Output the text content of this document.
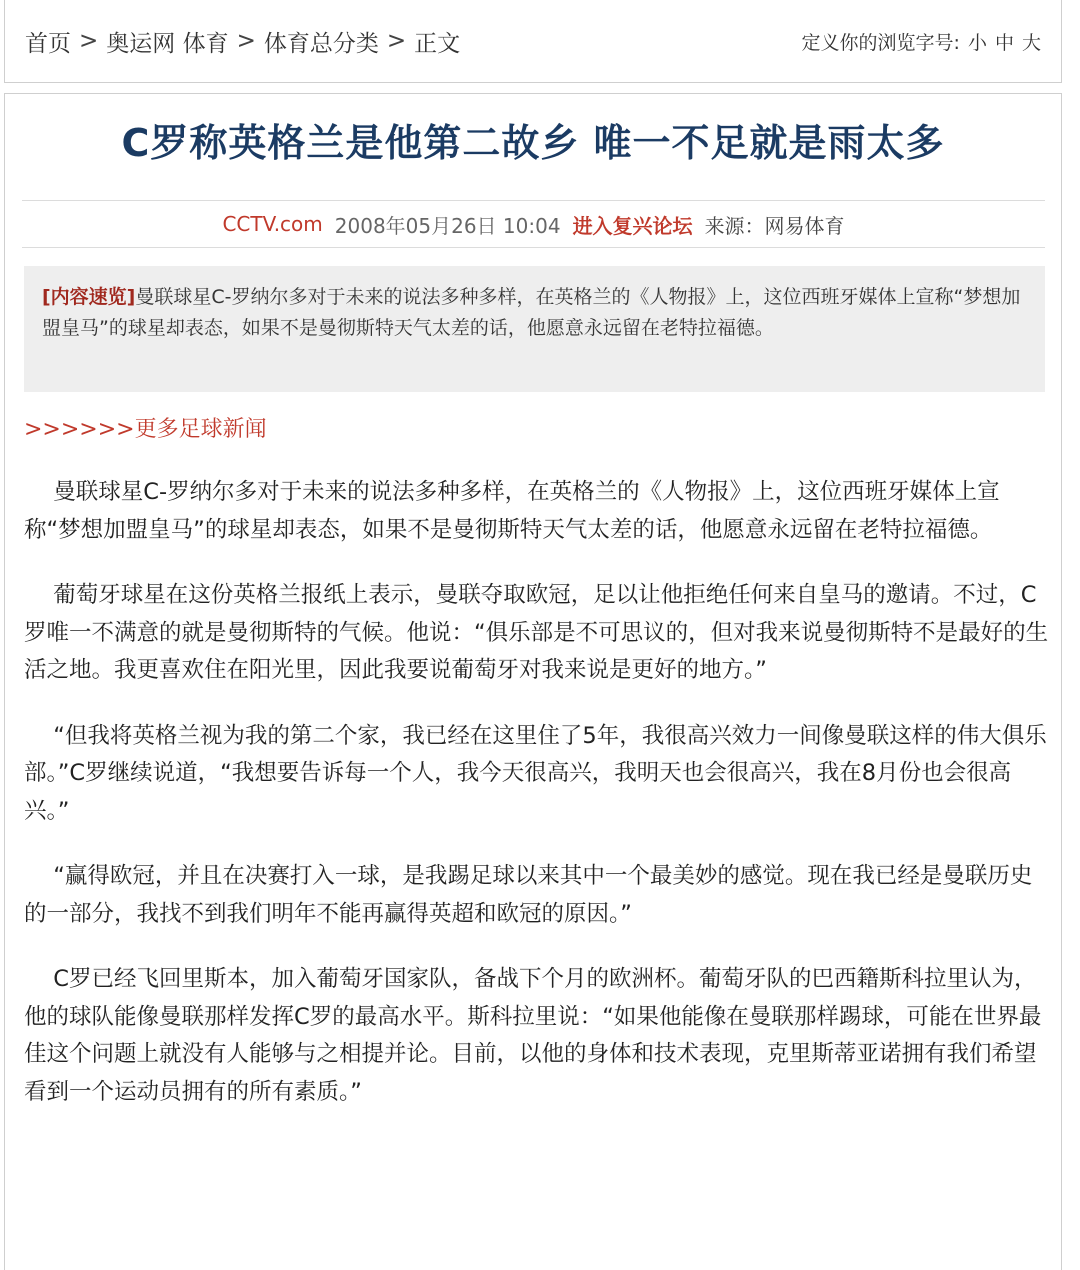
首页 > 奥运网 体育 > 体育总分类 > 正文	定义你的浏览字号: 小 中 大
C罗称英格兰是他第二故乡 唯一不足就是雨太多
CCTV.com 2008年05月26日 10:04 进入复兴论坛 来源：网易体育
[内容速览]曼联球星C-罗纳尔多对于未来的说法多种多样，在英格兰的《人物报》上，这位西班牙媒体上宣称“梦想加盟皇马”的球星却表态，如果不是曼彻斯特天气太差的话，他愿意永远留在老特拉福德。
>>>>>>更多足球新闻

曼联球星C-罗纳尔多对于未来的说法多种多样，在英格兰的《人物报》上，这位西班牙媒体上宣称“梦想加盟皇马”的球星却表态，如果不是曼彻斯特天气太差的话，他愿意永远留在老特拉福德。

葡萄牙球星在这份英格兰报纸上表示，曼联夺取欧冠，足以让他拒绝任何来自皇马的邀请。不过，C罗唯一不满意的就是曼彻斯特的气候。他说：“俱乐部是不可思议的，但对我来说曼彻斯特不是最好的生活之地。我更喜欢住在阳光里，因此我要说葡萄牙对我来说是更好的地方。”

“但我将英格兰视为我的第二个家，我已经在这里住了5年，我很高兴效力一间像曼联这样的伟大俱乐部。”C罗继续说道，“我想要告诉每一个人，我今天很高兴，我明天也会很高兴，我在8月份也会很高兴。”

“赢得欧冠，并且在决赛打入一球，是我踢足球以来其中一个最美妙的感觉。现在我已经是曼联历史的一部分，我找不到我们明年不能再赢得英超和欧冠的原因。”

C罗已经飞回里斯本，加入葡萄牙国家队，备战下个月的欧洲杯。葡萄牙队的巴西籍斯科拉里认为，他的球队能像曼联那样发挥C罗的最高水平。斯科拉里说：“如果他能像在曼联那样踢球，可能在世界最佳这个问题上就没有人能够与之相提并论。目前，以他的身体和技术表现，克里斯蒂亚诺拥有我们希望看到一个运动员拥有的所有素质。”
